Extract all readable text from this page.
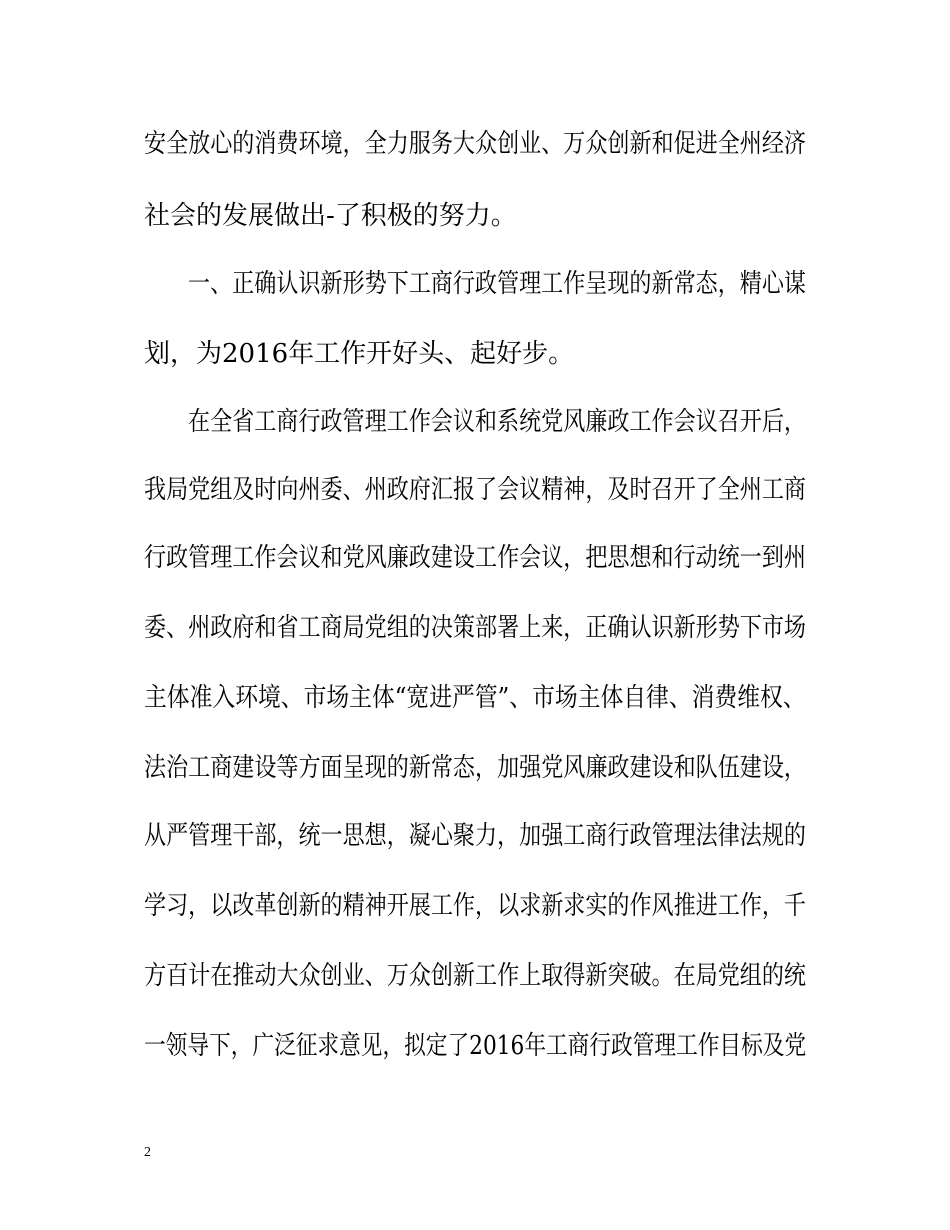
安全放心的消费环境，全力服务大众创业、万众创新和促进全州经济
社会的发展做出-了积极的努力。
一、正确认识新形势下工商行政管理工作呈现的新常态，精心谋
划，为2016年工作开好头、起好步。
在全省工商行政管理工作会议和系统党风廉政工作会议召开后，
我局党组及时向州委、州政府汇报了会议精神，及时召开了全州工商
行政管理工作会议和党风廉政建设工作会议，把思想和行动统一到州
委、州政府和省工商局党组的决策部署上来，正确认识新形势下市场
主体准入环境、市场主体“宽进严管”、市场主体自律、消费维权、
法治工商建设等方面呈现的新常态，加强党风廉政建设和队伍建设，
从严管理干部，统一思想，凝心聚力，加强工商行政管理法律法规的
学习，以改革创新的精神开展工作，以求新求实的作风推进工作，千
方百计在推动大众创业、万众创新工作上取得新突破。在局党组的统
一领导下，广泛征求意见，拟定了2016年工商行政管理工作目标及党
2
